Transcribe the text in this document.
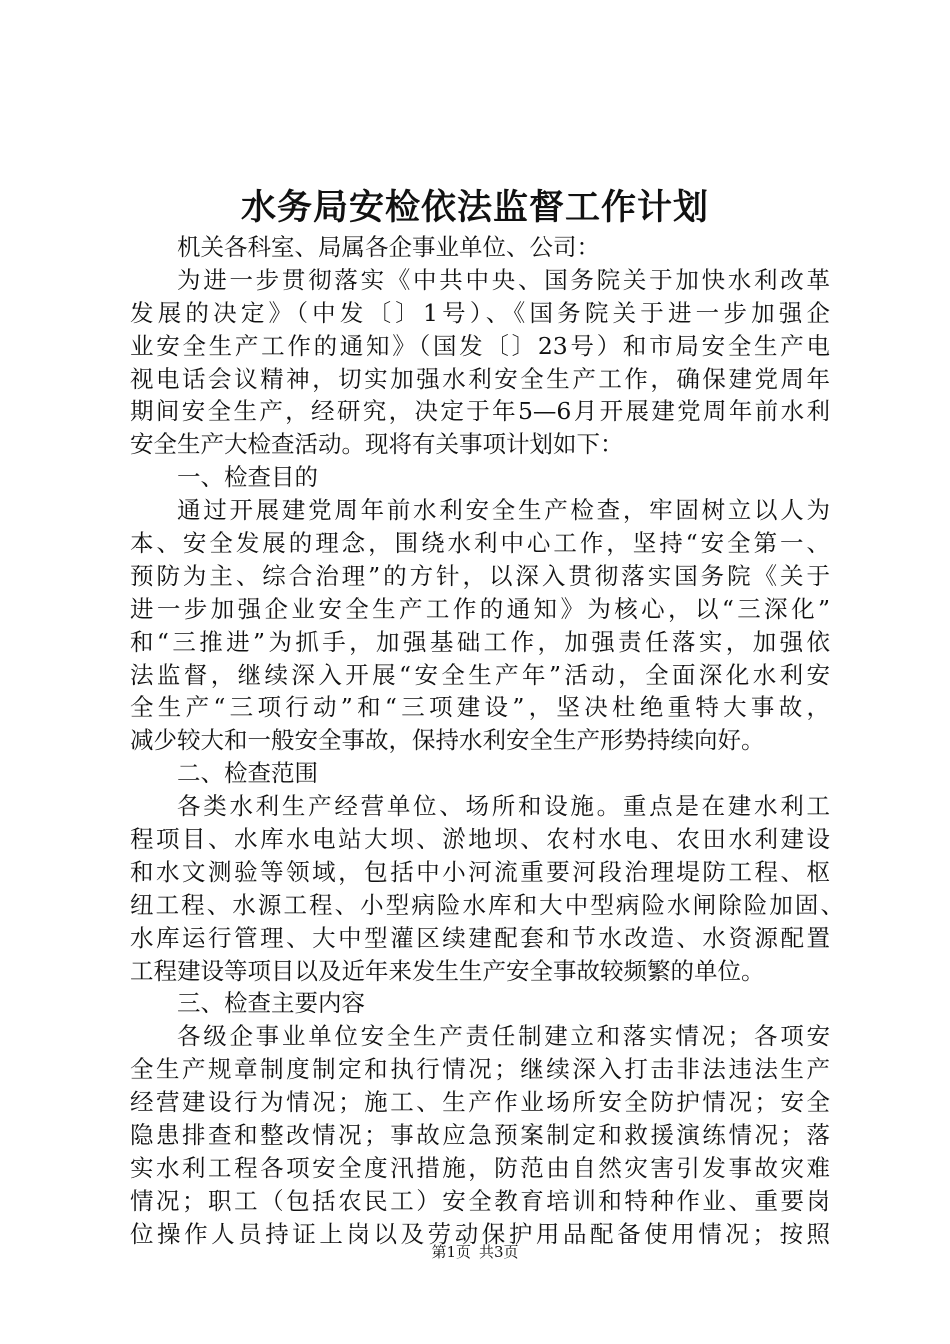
水务局安检依法监督工作计划
机关各科室、局属各企事业单位、公司：
为进一步贯彻落实《中共中央、国务院关于加快水利改革
发展的决定》（中发〔〕1号）、《国务院关于进一步加强企
业安全生产工作的通知》（国发〔〕23号）和市局安全生产电
视电话会议精神，切实加强水利安全生产工作，确保建党周年
期间安全生产，经研究，决定于年5—6月开展建党周年前水利
安全生产大检查活动。现将有关事项计划如下：
一、检查目的
通过开展建党周年前水利安全生产检查，牢固树立以人为
本、安全发展的理念，围绕水利中心工作，坚持“安全第一、
预防为主、综合治理”的方针，以深入贯彻落实国务院《关于
进一步加强企业安全生产工作的通知》为核心，以“三深化”
和“三推进”为抓手，加强基础工作，加强责任落实，加强依
法监督，继续深入开展“安全生产年”活动，全面深化水利安
全生产“三项行动”和“三项建设”，坚决杜绝重特大事故，
减少较大和一般安全事故，保持水利安全生产形势持续向好。
二、检查范围
各类水利生产经营单位、场所和设施。重点是在建水利工
程项目、水库水电站大坝、淤地坝、农村水电、农田水利建设
和水文测验等领域，包括中小河流重要河段治理堤防工程、枢
纽工程、水源工程、小型病险水库和大中型病险水闸除险加固、
水库运行管理、大中型灌区续建配套和节水改造、水资源配置
工程建设等项目以及近年来发生生产安全事故较频繁的单位。
三、检查主要内容
各级企事业单位安全生产责任制建立和落实情况；各项安
全生产规章制度制定和执行情况；继续深入打击非法违法生产
经营建设行为情况；施工、生产作业场所安全防护情况；安全
隐患排查和整改情况；事故应急预案制定和救援演练情况；落
实水利工程各项安全度汛措施，防范由自然灾害引发事故灾难
情况；职工（包括农民工）安全教育培训和特种作业、重要岗
位操作人员持证上岗以及劳动保护用品配备使用情况；按照
第1页 共3页
